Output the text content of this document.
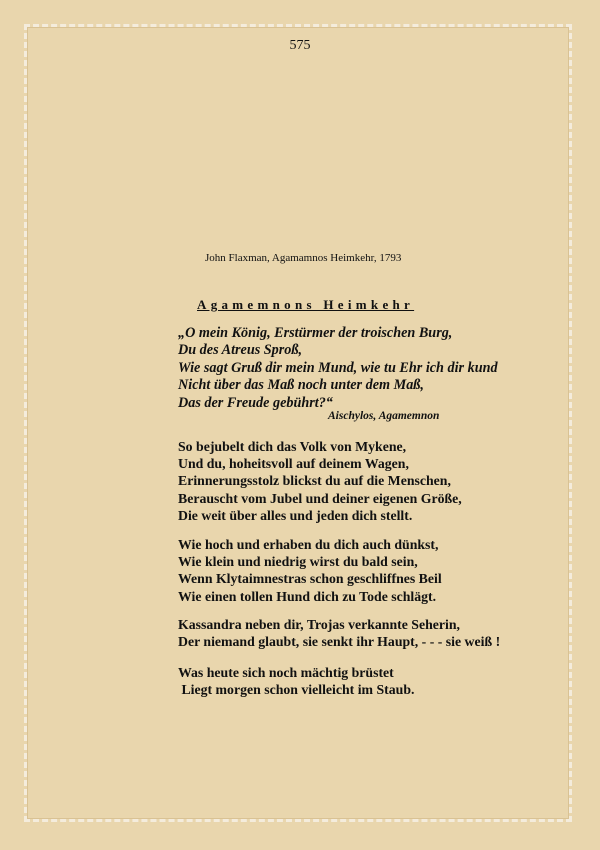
575
John Flaxman, Agamamnos Heimkehr, 1793
Agamemnons Heimkehr
„O mein König, Erstürmer der troischen Burg,
Du des Atreus Sproß,
Wie sagt Gruß dir mein Mund, wie tu Ehr ich dir kund
Nicht über das Maß noch unter dem Maß,
Das der Freude gebührt?“
Aischylos, Agamemnon
So bejubelt dich das Volk von Mykene,
Und du, hoheitsvoll auf deinem Wagen,
Erinnerungsstolz blickst du auf die Menschen,
Berauscht vom Jubel und deiner eigenen Größe,
Die weit über alles und jeden dich stellt.
Wie hoch und erhaben du dich auch dünkst,
Wie klein und niedrig wirst du bald sein,
Wenn Klytaimnestras schon geschliffnes Beil
Wie einen tollen Hund dich zu Tode schlägt.
Kassandra neben dir, Trojas verkannte Seherin,
Der niemand glaubt, sie senkt ihr Haupt, - - - sie weiß !
Was heute sich noch mächtig brüstet
Liegt morgen schon vielleicht im Staub.
